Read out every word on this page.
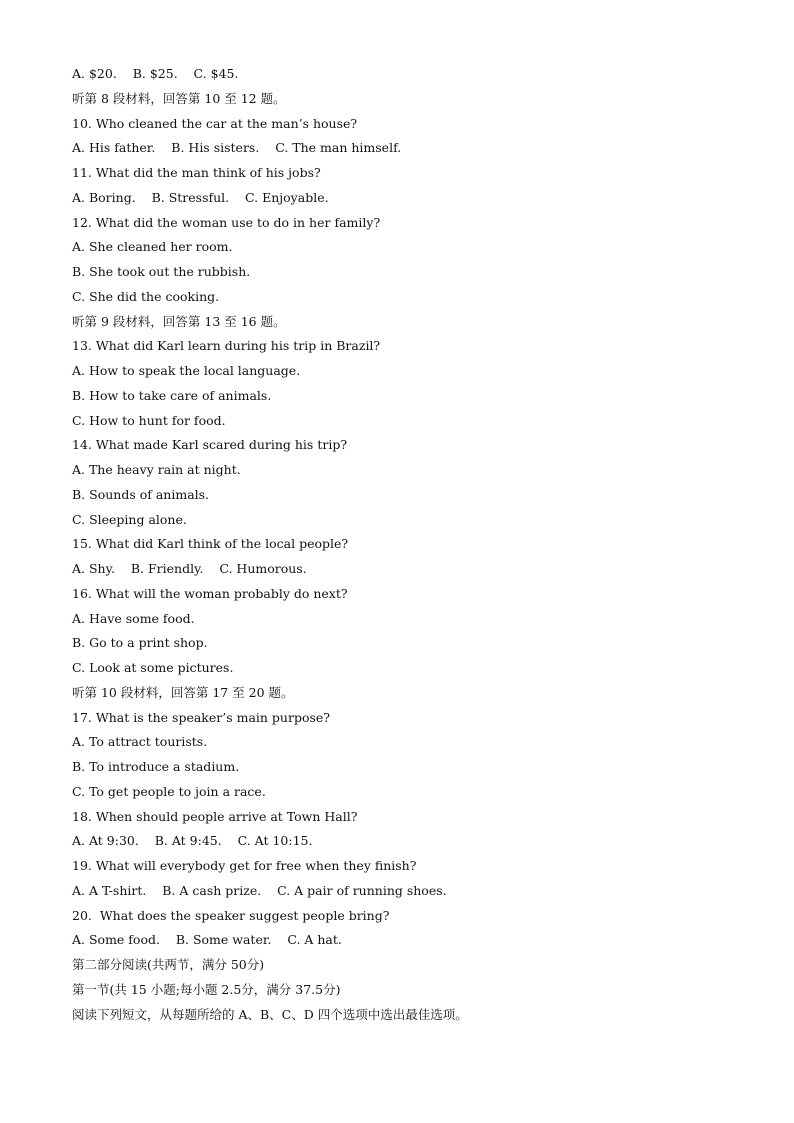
A. $20.    B. $25.    C. $45.
听第 8 段材料，回答第 10 至 12 题。
10. Who cleaned the car at the man’s house?
A. His father.    B. His sisters.    C. The man himself.
11. What did the man think of his jobs?
A. Boring.    B. Stressful.    C. Enjoyable.
12. What did the woman use to do in her family?
A. She cleaned her room.
B. She took out the rubbish.
C. She did the cooking.
听第 9 段材料，回答第 13 至 16 题。
13. What did Karl learn during his trip in Brazil?
A. How to speak the local language.
B. How to take care of animals.
C. How to hunt for food.
14. What made Karl scared during his trip?
A. The heavy rain at night.
B. Sounds of animals.
C. Sleeping alone.
15. What did Karl think of the local people?
A. Shy.    B. Friendly.    C. Humorous.
16. What will the woman probably do next?
A. Have some food.
B. Go to a print shop.
C. Look at some pictures.
听第 10 段材料，回答第 17 至 20 题。
17. What is the speaker’s main purpose?
A. To attract tourists.
B. To introduce a stadium.
C. To get people to join a race.
18. When should people arrive at Town Hall?
A. At 9:30.    B. At 9:45.    C. At 10:15.
19. What will everybody get for free when they finish?
A. A T-shirt.    B. A cash prize.    C. A pair of running shoes.
20.  What does the speaker suggest people bring?
A. Some food.    B. Some water.    C. A hat.
第二部分阅读(共两节，满分 50分)
第一节(共 15 小题;每小题 2.5分，满分 37.5分)
阅读下列短文，从每题所给的 A、B、C、D 四个选项中选出最佳选项。
